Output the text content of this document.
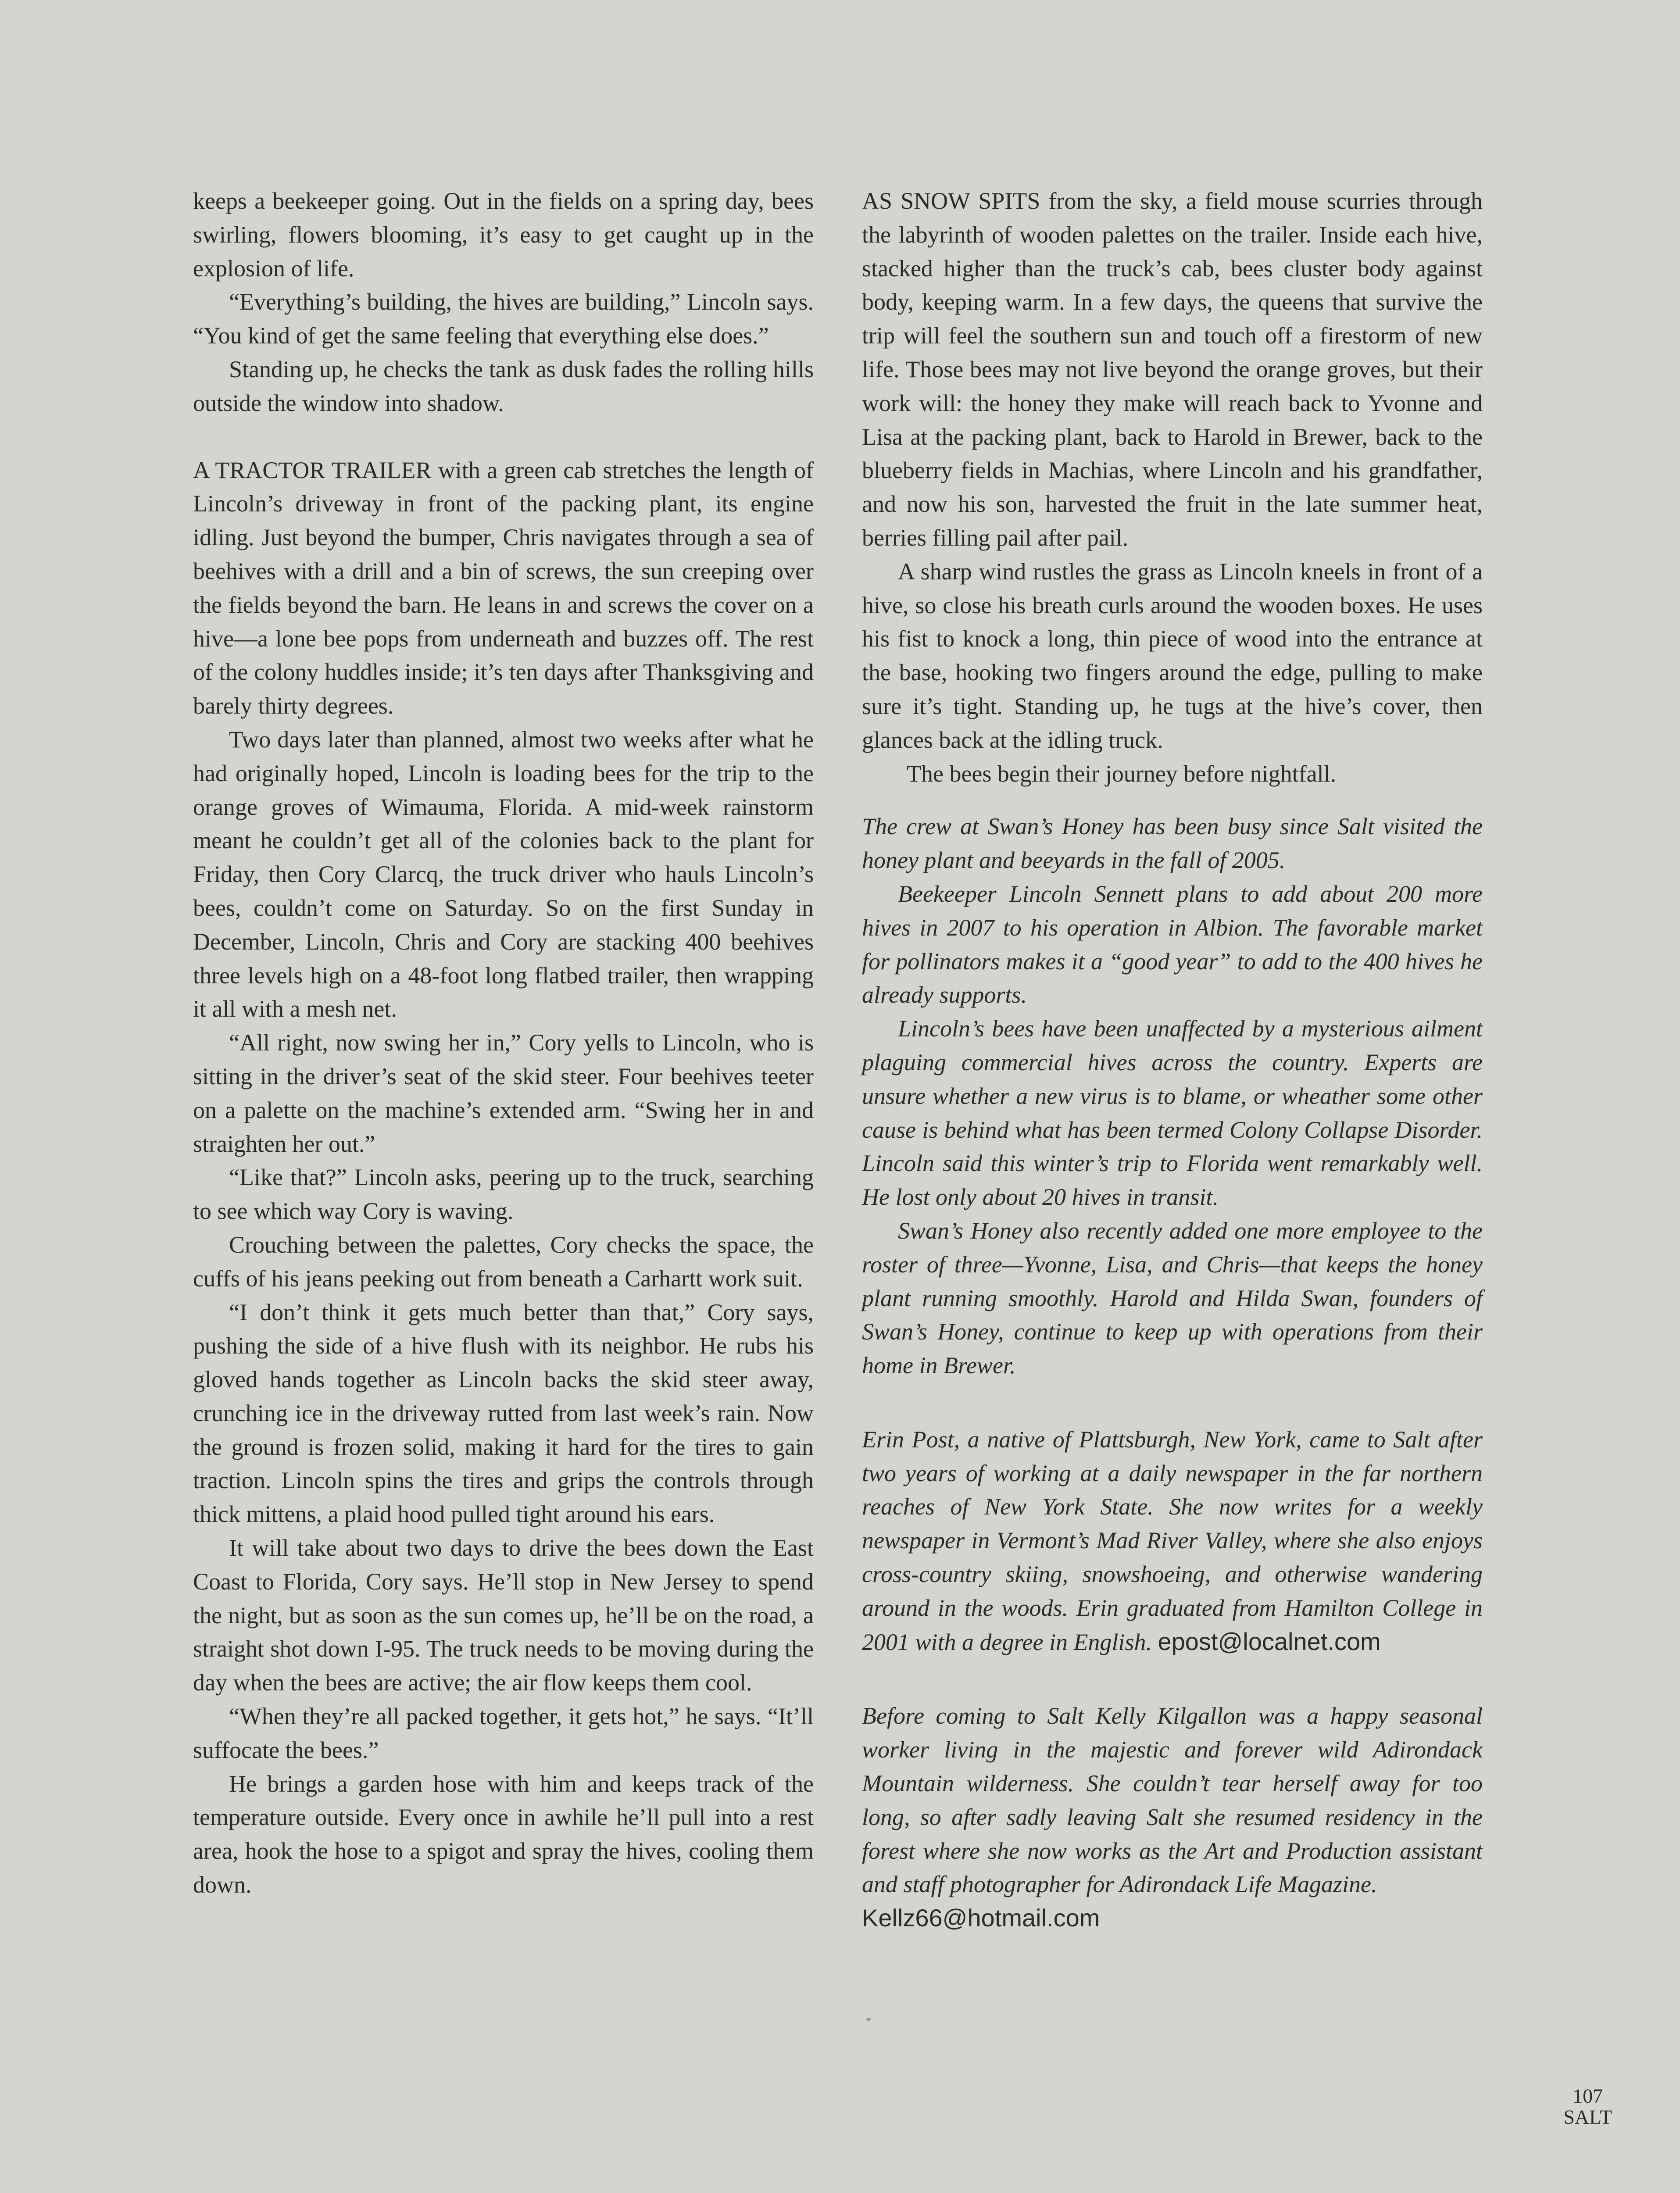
keeps a beekeeper going. Out in the fields on a spring day, bees swirling, flowers blooming, it’s easy to get caught up in the explosion of life.

“Everything’s building, the hives are building,” Lincoln says. “You kind of get the same feeling that everything else does.”

Standing up, he checks the tank as dusk fades the rolling hills outside the window into shadow.

A TRACTOR TRAILER with a green cab stretches the length of Lincoln’s driveway in front of the packing plant, its engine idling. Just beyond the bumper, Chris navigates through a sea of beehives with a drill and a bin of screws, the sun creeping over the fields beyond the barn. He leans in and screws the cover on a hive—a lone bee pops from underneath and buzzes off. The rest of the colony huddles inside; it’s ten days after Thanksgiving and barely thirty degrees.

Two days later than planned, almost two weeks after what he had originally hoped, Lincoln is loading bees for the trip to the orange groves of Wimauma, Florida. A mid-week rainstorm meant he couldn’t get all of the colonies back to the plant for Friday, then Cory Clarcq, the truck driver who hauls Lincoln’s bees, couldn’t come on Saturday. So on the first Sunday in December, Lincoln, Chris and Cory are stacking 400 beehives three levels high on a 48-foot long flatbed trailer, then wrapping it all with a mesh net.

“All right, now swing her in,” Cory yells to Lincoln, who is sitting in the driver’s seat of the skid steer. Four beehives teeter on a palette on the machine’s extended arm. “Swing her in and straighten her out.”

“Like that?” Lincoln asks, peering up to the truck, searching to see which way Cory is waving.

Crouching between the palettes, Cory checks the space, the cuffs of his jeans peeking out from beneath a Carhartt work suit.

“I don’t think it gets much better than that,” Cory says, pushing the side of a hive flush with its neighbor. He rubs his gloved hands together as Lincoln backs the skid steer away, crunching ice in the driveway rutted from last week’s rain. Now the ground is frozen solid, making it hard for the tires to gain traction. Lincoln spins the tires and grips the controls through thick mittens, a plaid hood pulled tight around his ears.

It will take about two days to drive the bees down the East Coast to Florida, Cory says. He’ll stop in New Jersey to spend the night, but as soon as the sun comes up, he’ll be on the road, a straight shot down I-95. The truck needs to be moving during the day when the bees are active; the air flow keeps them cool.

“When they’re all packed together, it gets hot,” he says. “It’ll suffocate the bees.”

He brings a garden hose with him and keeps track of the temperature outside. Every once in awhile he’ll pull into a rest area, hook the hose to a spigot and spray the hives, cooling them down.

AS SNOW SPITS from the sky, a field mouse scurries through the labyrinth of wooden palettes on the trailer. Inside each hive, stacked higher than the truck’s cab, bees cluster body against body, keeping warm. In a few days, the queens that survive the trip will feel the southern sun and touch off a firestorm of new life. Those bees may not live beyond the orange groves, but their work will: the honey they make will reach back to Yvonne and Lisa at the packing plant, back to Harold in Brewer, back to the blueberry fields in Machias, where Lincoln and his grandfather, and now his son, harvested the fruit in the late summer heat, berries filling pail after pail.

A sharp wind rustles the grass as Lincoln kneels in front of a hive, so close his breath curls around the wooden boxes. He uses his fist to knock a long, thin piece of wood into the entrance at the base, hooking two fingers around the edge, pulling to make sure it’s tight. Standing up, he tugs at the hive’s cover, then glances back at the idling truck.

The bees begin their journey before nightfall.

The crew at Swan’s Honey has been busy since Salt visited the honey plant and beeyards in the fall of 2005.

Beekeeper Lincoln Sennett plans to add about 200 more hives in 2007 to his operation in Albion. The favorable market for pollinators makes it a “good year” to add to the 400 hives he already supports.

Lincoln’s bees have been unaffected by a mysterious ailment plaguing commercial hives across the country. Experts are unsure whether a new virus is to blame, or wheather some other cause is behind what has been termed Colony Collapse Disorder. Lincoln said this winter’s trip to Florida went remarkably well. He lost only about 20 hives in transit.

Swan’s Honey also recently added one more employee to the roster of three—Yvonne, Lisa, and Chris—that keeps the honey plant running smoothly. Harold and Hilda Swan, founders of Swan’s Honey, continue to keep up with operations from their home in Brewer.

Erin Post, a native of Plattsburgh, New York, came to Salt after two years of working at a daily newspaper in the far northern reaches of New York State. She now writes for a weekly newspaper in Vermont’s Mad River Valley, where she also enjoys cross-country skiing, snowshoeing, and otherwise wandering around in the woods. Erin graduated from Hamilton College in 2001 with a degree in English. epost@localnet.com

Before coming to Salt Kelly Kilgallon was a happy seasonal worker living in the majestic and forever wild Adirondack Mountain wilderness. She couldn’t tear herself away for too long, so after sadly leaving Salt she resumed residency in the forest where she now works as the Art and Production assistant and staff photographer for Adirondack Life Magazine.

Kellz66@hotmail.com
107
SALT
